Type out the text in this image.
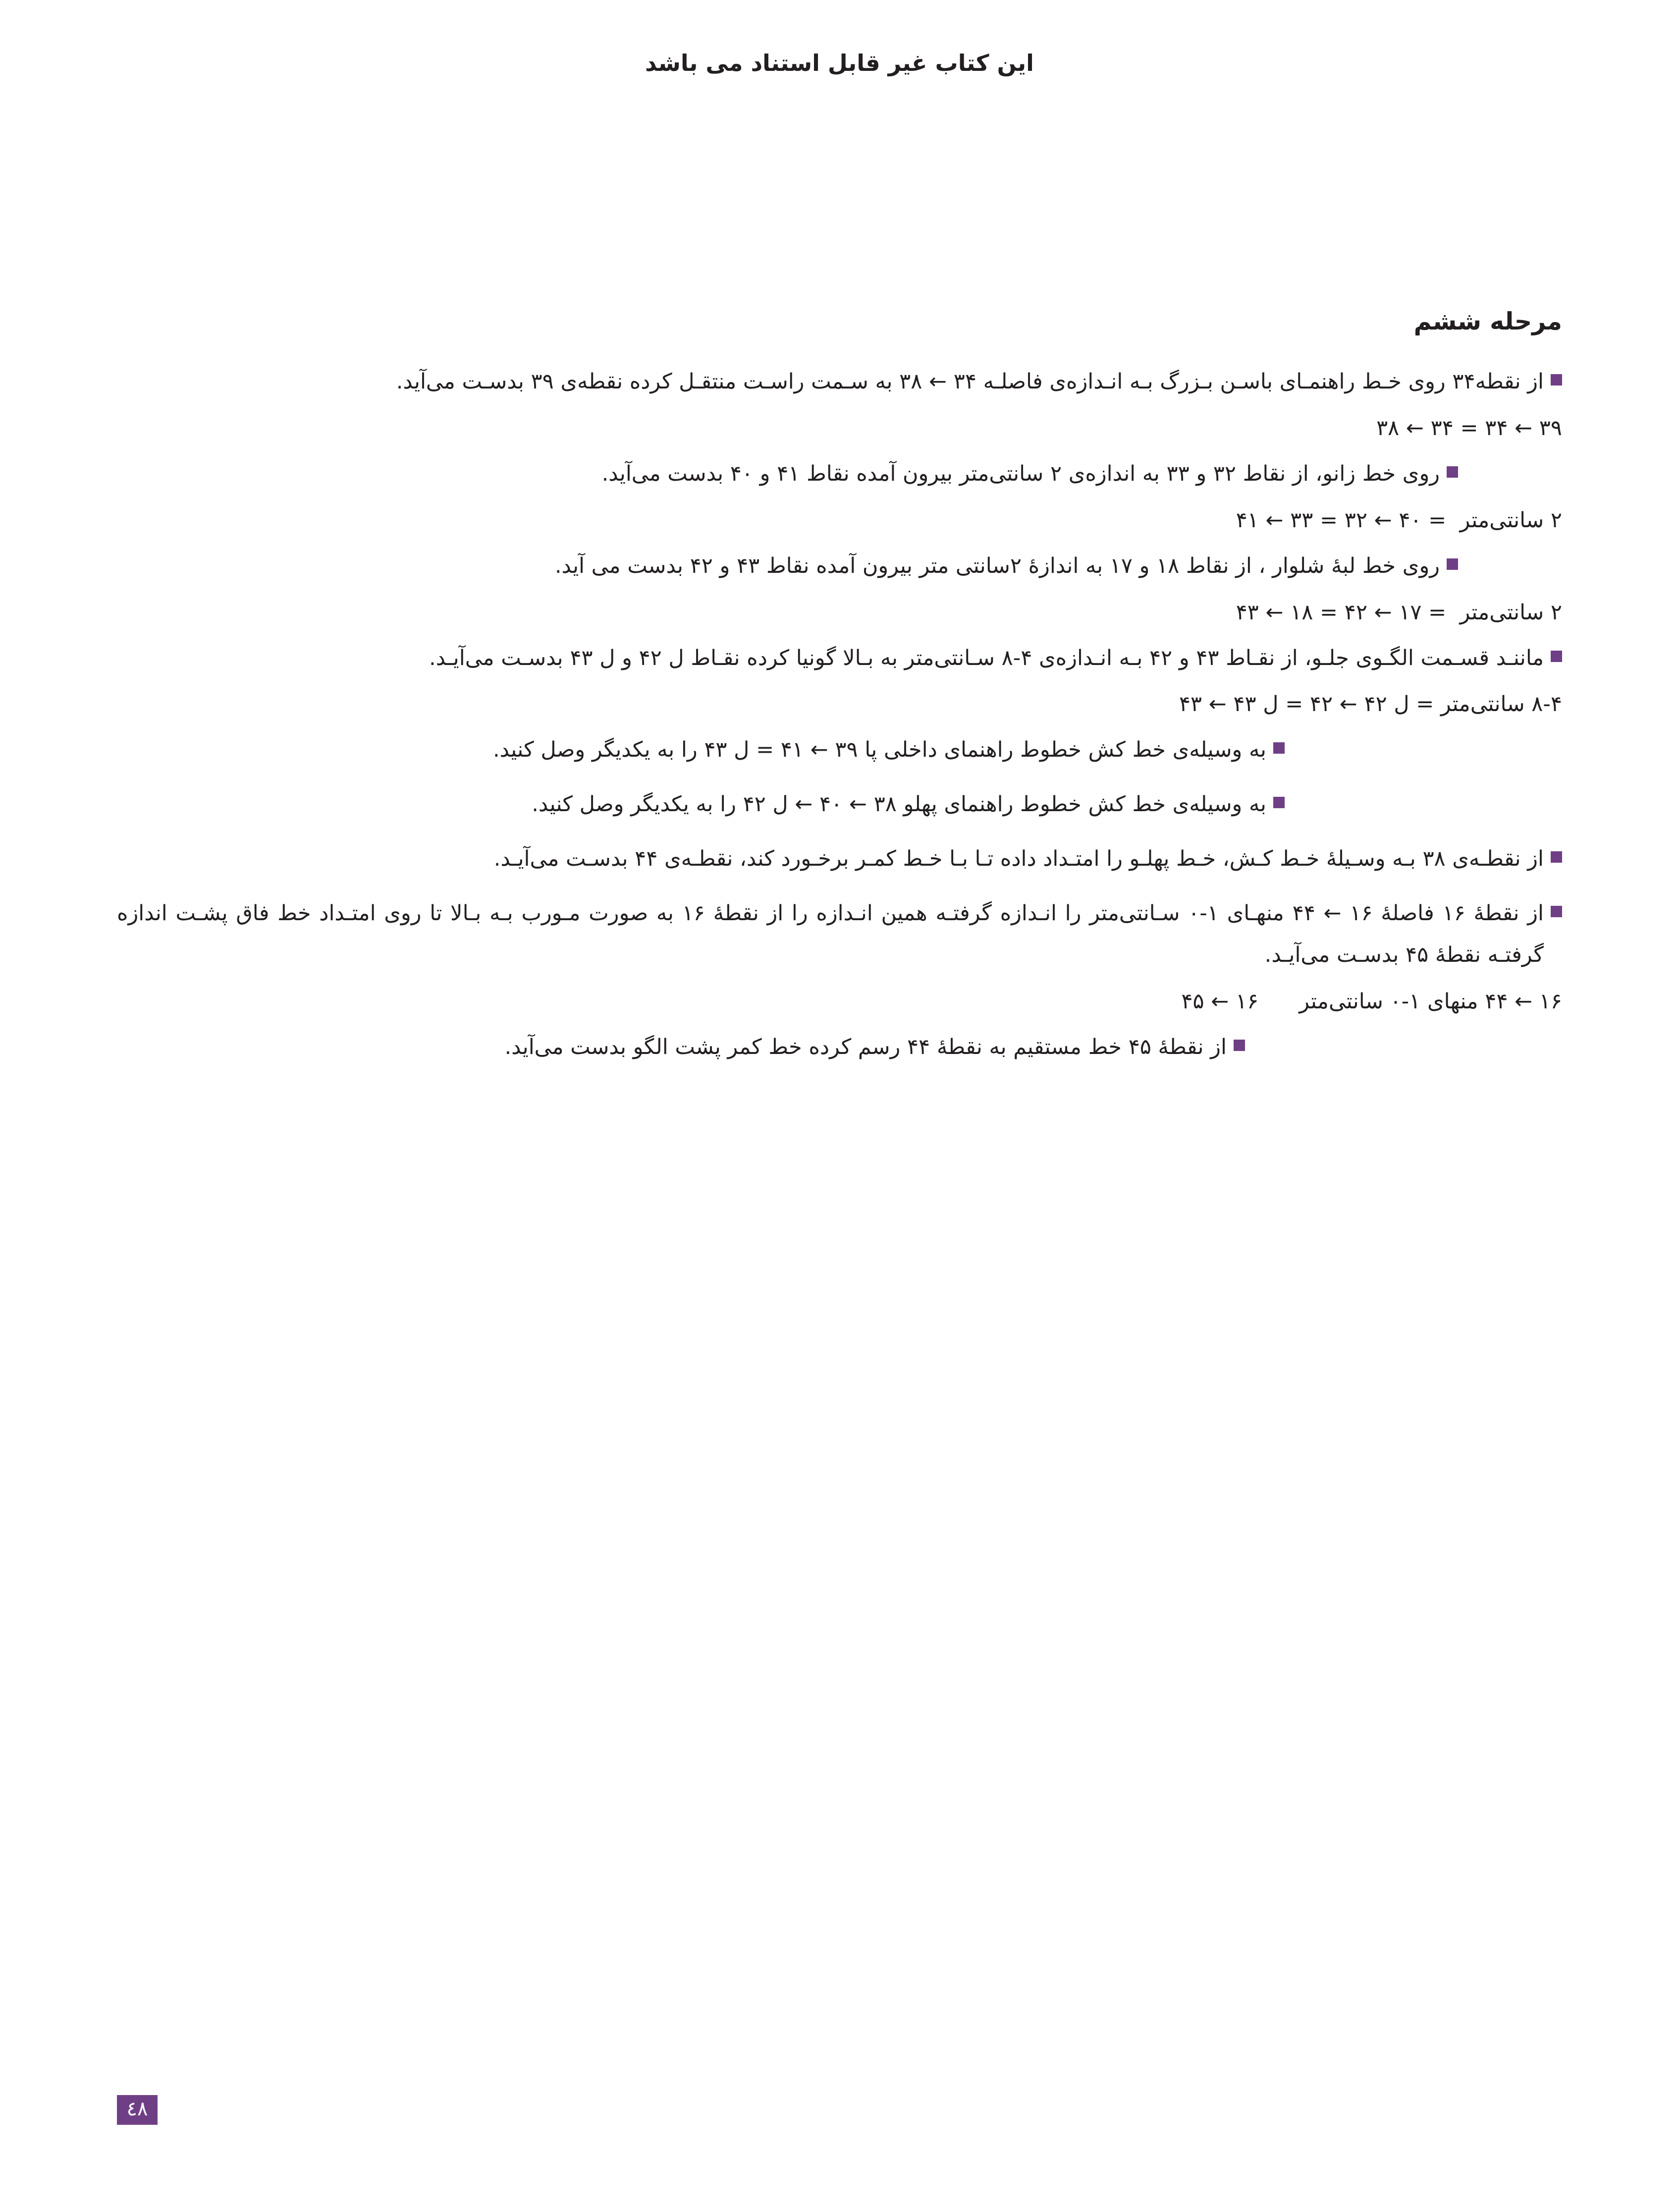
این کتاب غیر قابل استناد می باشد
مرحله ششم
از نقطه‌۳۴ روی خـط راهنمـای باسـن بـزرگ بـه انـدازه‌ی فاصلـه ۳۴ ← ۳۸ به سـمت راسـت منتقـل کرده نقطه‌ی ۳۹ بدسـت می‌آید.
۳۹ ← ۳۴ = ۳۴ ← ۳۸
روی خط زانو، از نقاط ۳۲ و ۳۳ به اندازه‌ی ۲ سانتی‌متر بیرون آمده نقاط ۴۱ و ۴۰ بدست می‌آید.
۲ سانتی‌متر  = ۴۰ ← ۳۲ = ۳۳ ← ۴۱
روی خط لبۀ شلوار ، از نقاط ۱۸ و ۱۷ به اندازۀ ۲سانتی متر بیرون آمده نقاط ۴۳ و ۴۲ بدست می آید.
۲ سانتی‌متر  = ۱۷ ← ۴۲ = ۱۸ ← ۴۳
ماننـد قسـمت الگـوی جلـو، از نقـاط ۴۳ و ۴۲ بـه انـدازه‌ی ۴-۸ سـانتی‌متر به بـالا گونیا کرده نقـاط ل ۴۲ و ل ۴۳ بدسـت می‌آیـد.
۸-۴ سانتی‌متر = ل ۴۲ ← ۴۲ = ل ۴۳ ← ۴۳
به وسیله‌ی خط کش خطوط راهنمای داخلی پا ۳۹ ← ۴۱ = ل ۴۳ را به یکدیگر وصل کنید.
به وسیله‌ی خط کش خطوط راهنمای پهلو ۳۸ ← ۴۰ ← ل ۴۲ را به یکدیگر وصل کنید.
از نقطـه‌ی ۳۸ بـه وسـیلۀ خـط کـش، خـط پهلـو را امتـداد داده تـا بـا خـط کمـر برخـورد کند، نقطـه‌ی ۴۴ بدسـت می‌آیـد.
از نقطۀ ۱۶ فاصلۀ ۱۶ ← ۴۴ منهـای ۱-۰ سـانتی‌متر را انـدازه گرفتـه همین انـدازه را از نقطۀ ۱۶ به صورت مـورب بـه بـالا تا روی امتـداد خط فاق پشـت اندازه گرفتـه نقطۀ ۴۵ بدسـت می‌آیـد.
۱۶ ← ۴۴ منهای ۱-۰ سانتی‌متر      ۱۶ ← ۴۵
از نقطۀ ۴۵ خط مستقیم به نقطۀ ۴۴ رسم کرده خط کمر پشت الگو بدست می‌آید.
٤٨
